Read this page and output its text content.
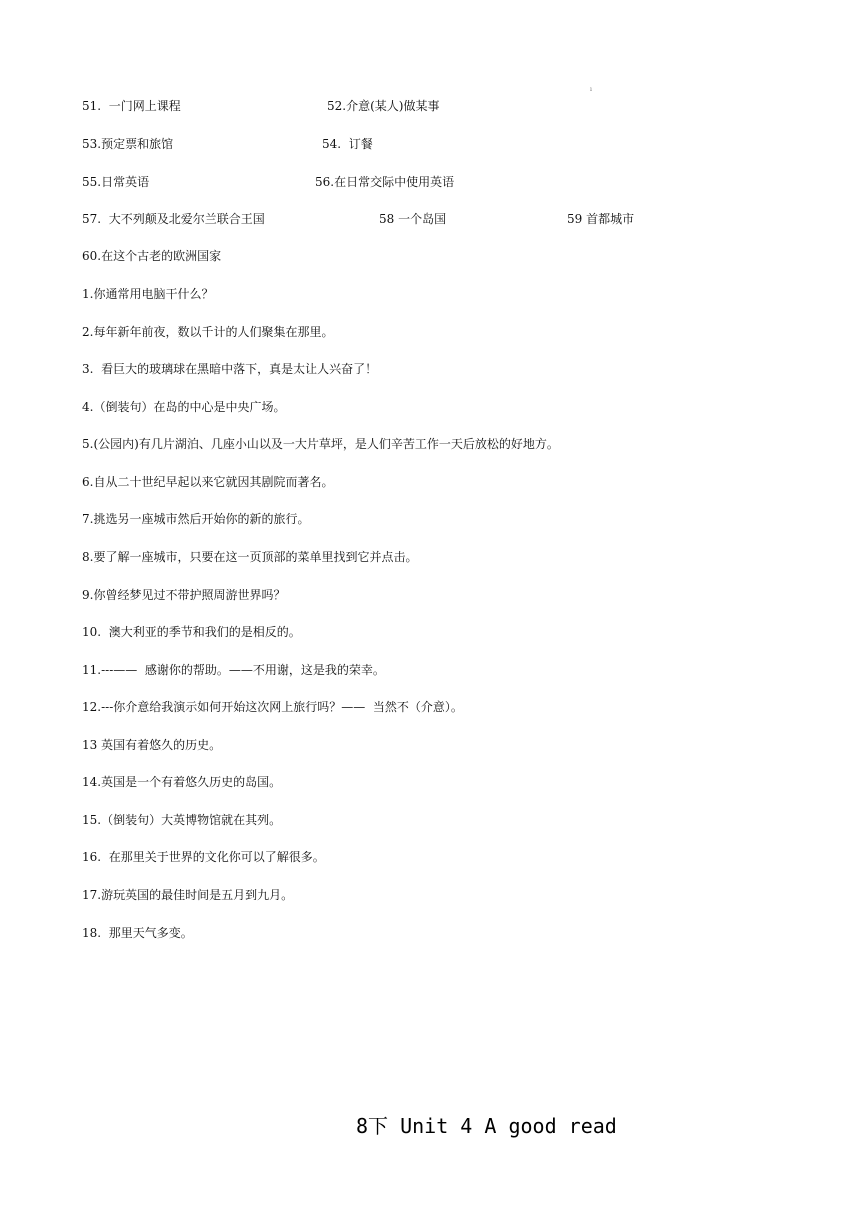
ı
51.  一门网上课程	52.介意(某人)做某事
53.预定票和旅馆	54.  订餐
55.日常英语	56.在日常交际中使用英语
57.  大不列颠及北爱尔兰联合王国	58 一个岛国	59 首都城市
60.在这个古老的欧洲国家
1.你通常用电脑干什么？
2.每年新年前夜，数以千计的人们聚集在那里。
3.  看巨大的玻璃球在黑暗中落下，真是太让人兴奋了！
4.（倒装句）在岛的中心是中央广场。
5.(公园内)有几片湖泊、几座小山以及一大片草坪，是人们辛苦工作一天后放松的好地方。
6.自从二十世纪早起以来它就因其剧院而著名。
7.挑选另一座城市然后开始你的新的旅行。
8.要了解一座城市，只要在这一页顶部的菜单里找到它并点击。
9.你曾经梦见过不带护照周游世界吗？
10.  澳大利亚的季节和我们的是相反的。
11.---——  感谢你的帮助。——不用谢，这是我的荣幸。
12.---你介意给我演示如何开始这次网上旅行吗？——  当然不（介意）。
13 英国有着悠久的历史。
14.英国是一个有着悠久历史的岛国。
15.（倒装句）大英博物馆就在其列。
16.  在那里关于世界的文化你可以了解很多。
17.游玩英国的最佳时间是五月到九月。
18.  那里天气多变。
8下 Unit 4 A good read
